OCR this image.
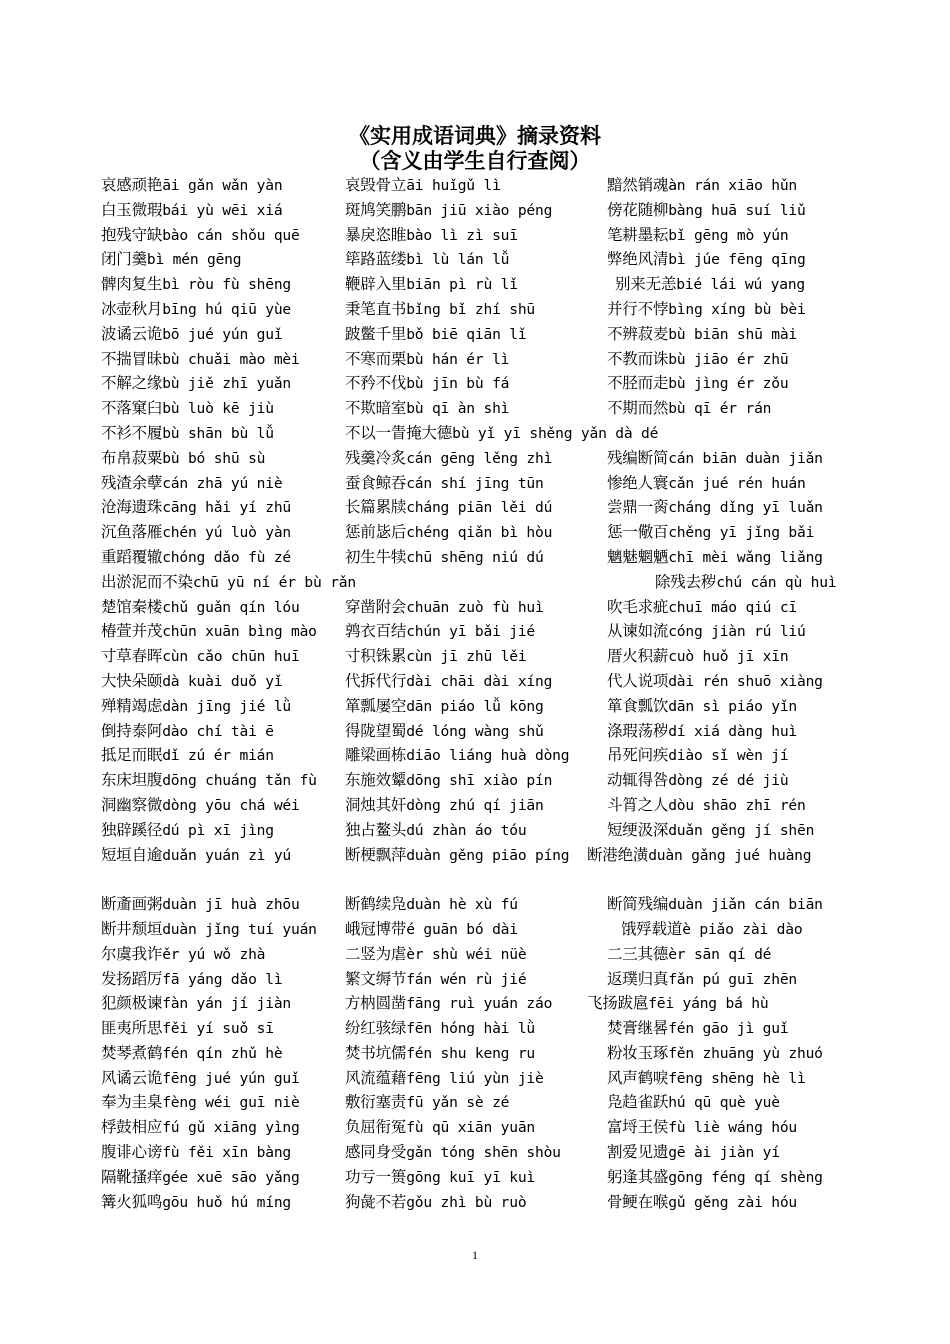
《实用成语词典》摘录资料
（含义由学生自行查阅）
哀感顽艳āi gǎn wǎn yàn	哀毁骨立āi huǐgǔ lì	黯然销魂àn rán xiāo hǔn
白玉微瑕bái yù wēi xiá	斑鸠笑鹏bān jiū xiào péng	傍花随柳bàng huā suí liǔ
抱残守缺bào cán shǒu quē	暴戾恣睢bào lì zì suī	笔耕墨耘bǐ gēng mò yún
闭门羹bì mén gēng	筚路蓝缕bì lù lán lǚ	弊绝风清bì júe fēng qīng
髀肉复生bì ròu fù shēng	鞭辟入里biān pì rù lǐ	别来无恙bié lái wú yang
冰壶秋月bīng hú qiū yùe	秉笔直书bǐng bǐ zhí shū	并行不悖bìng xíng bù bèi
波谲云诡bō jué yún guǐ	跛鳖千里bǒ biē qiān lǐ	不辨菽麦bù biān shū mài
不揣冒昧bù chuǎi mào mèi	不寒而栗bù hán ér lì	不教而诛bù jiāo ér zhū
不解之缘bù jiě zhī yuǎn	不矜不伐bù jīn bù fá	不胫而走bù jìng ér zǒu
不落窠臼bù luò kē jiù	不欺暗室bù qī àn shì	不期而然bù qī ér rán
不衫不履bù shān bù lǚ	不以一眚掩大德bù yǐ yī shěng yǎn dà dé
布帛菽粟bù bó shū sù	残羹冷炙cán gēng lěng zhì	残编断简cán biān duàn jiǎn
残渣余孽cán zhā yú niè	蚕食鲸吞cán shí jīng tūn	惨绝人寰cǎn jué rén huán
沧海遗珠cāng hǎi yí zhū	长篇累牍cháng piān lěi dú	尝鼎一脔cháng dǐng yī luǎn
沉鱼落雁chén yú luò yàn	惩前毖后chéng qiǎn bì hòu	惩一儆百chěng yī jǐng bǎi
重蹈覆辙chóng dǎo fù zé	初生牛犊chū shēng niú dú	魑魅魍魉chī mèi wǎng liǎng
出淤泥而不染chū yū ní ér bù rǎn	除残去秽chú cán qù huì
楚馆秦楼chǔ guǎn qín lóu	穿凿附会chuān zuò fù huì	吹毛求疵chuī máo qiú cī
椿萱并茂chūn xuān bìng mào 鹑衣百结chún yī bǎi jié	从谏如流cóng jiàn rú liú
寸草春晖cùn cǎo chūn huī	寸积铢累cùn jī zhū lěi	厝火积薪cuò huǒ jī xīn
大快朵颐dà kuài duǒ yǐ	代拆代行dài chāi dài xíng	代人说项dài rén shuō xiàng
殚精竭虑dàn jīng jié lǜ	箪瓢屡空dān piáo lǚ kōng	箪食瓢饮dān sì piáo yǐn
倒持泰阿dào chí tài ē	得陇望蜀dé lóng wàng shǔ	涤瑕荡秽dí xiá dàng huì
抵足而眠dǐ zú ér mián	雕梁画栋diāo liáng huà dòng 吊死问疾diào sǐ wèn jí
东床坦腹dōng chuáng tǎn fù 东施效颦dōng shī xiào pín	动辄得咎dòng zé dé jiù
洞幽察微dòng yōu chá wéi	洞烛其奸dòng zhú qí jiān	斗筲之人dòu shāo zhī rén
独辟蹊径dú pì xī jìng	独占鳌头dú zhàn áo tóu	短绠汲深duǎn gěng jí shēn
短垣自逾duǎn yuán zì yú	断梗飘萍duàn gěng piāo píng 断港绝潢duàn gǎng jué huàng
断齑画粥duàn jī huà zhōu	断鹤续凫duàn hè xù fú	断简残编duàn jiǎn cán biān
断井颓垣duàn jǐng tuí yuán 峨冠博带é guān bó dài	饿殍载道è piǎo zài dào
尔虞我诈ěr yú wǒ zhà	二竖为虐èr shù wéi nüè	二三其德èr sān qí dé
发扬蹈厉fā yáng dǎo lì	繁文缛节fán wén rù jié	返璞归真fǎn pú guī zhēn
犯颜极谏fàn yán jí jiàn	方枘圆凿fāng ruì yuán záo 飞扬跋扈fēi yáng bá hù
匪夷所思fěi yí suǒ sī	纷红骇绿fēn hóng hài lǜ	焚膏继晷fén gāo jì guǐ
焚琴煮鹤fén qín zhǔ hè	焚书坑儒fén shu keng ru	粉妆玉琢fěn zhuāng yù zhuó
风谲云诡fēng jué yún guǐ	风流蕴藉fēng liú yùn jiè	风声鹤唳fēng shēng hè lì
奉为圭臬fèng wéi guī niè	敷衍塞责fū yǎn sè zé	凫趋雀跃hú qū què yuè
桴鼓相应fú gǔ xiāng yìng	负屈衔冤fù qū xiān yuān	富埒王侯fù liè wáng hóu
腹诽心谤fù fěi xīn bàng	感同身受gǎn tóng shēn shòu	割爱见遗gē ài jiàn yí
隔靴搔痒gée xuē sāo yǎng	功亏一篑gōng kuī yī kuì	躬逢其盛gōng féng qí shèng
篝火狐鸣gōu huǒ hú míng	狗彘不若gǒu zhì bù ruò	骨鲠在喉gǔ gěng zài hóu
1
